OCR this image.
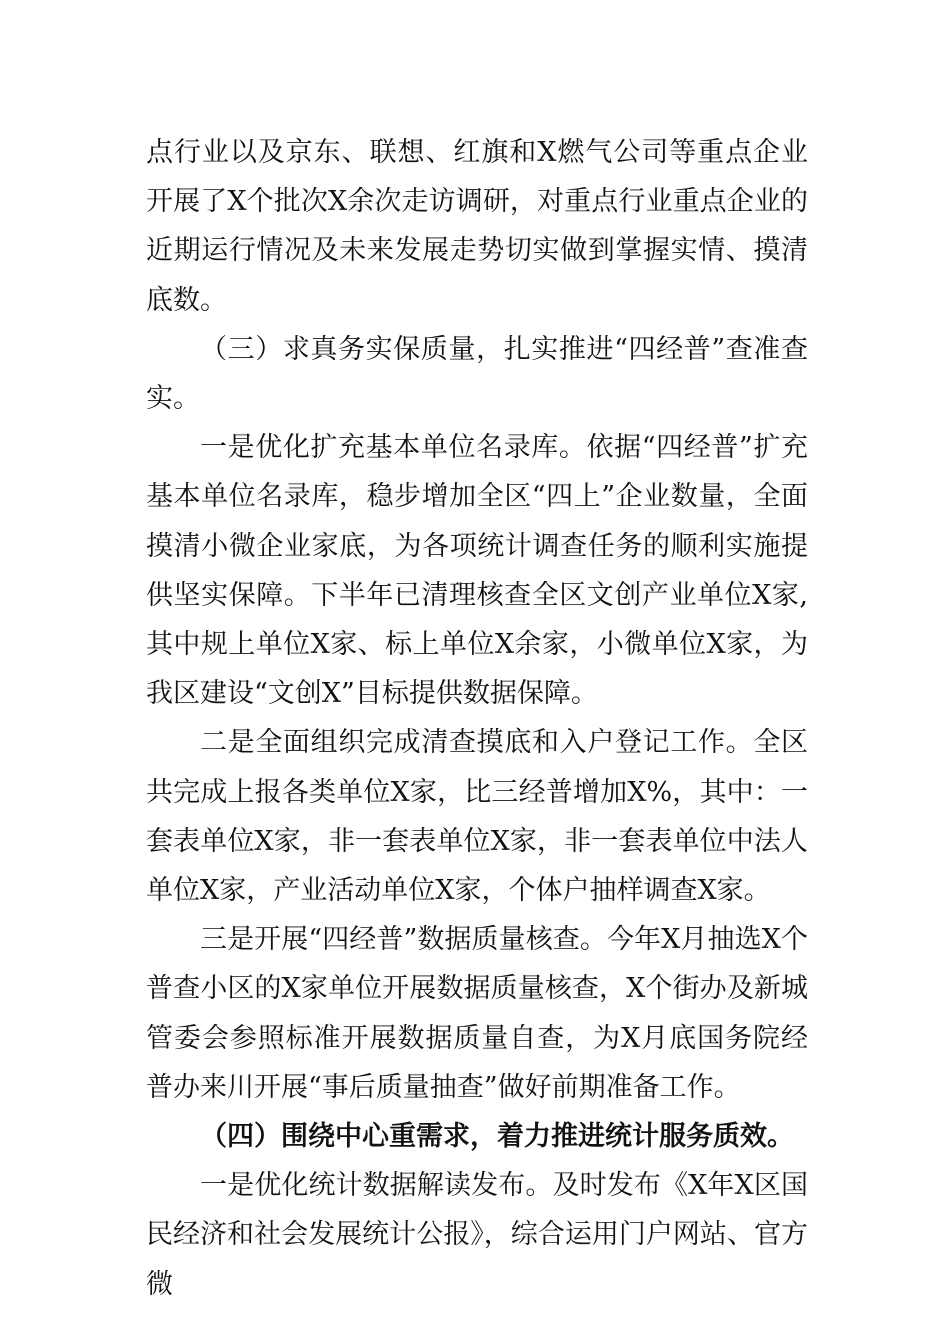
点行业以及京东、联想、红旗和X燃气公司等重点企业开展了X个批次X余次走访调研，对重点行业重点企业的近期运行情况及未来发展走势切实做到掌握实情、摸清底数。

（三）求真务实保质量，扎实推进“四经普”查准查实。

一是优化扩充基本单位名录库。依据“四经普”扩充基本单位名录库，稳步增加全区“四上”企业数量，全面摸清小微企业家底，为各项统计调查任务的顺利实施提供坚实保障。下半年已清理核查全区文创产业单位X家,其中规上单位X家、标上单位X余家，小微单位X家，为我区建设“文创X”目标提供数据保障。

二是全面组织完成清查摸底和入户登记工作。全区共完成上报各类单位X家，比三经普增加X%，其中：一套表单位X家，非一套表单位X家，非一套表单位中法人单位X家，产业活动单位X家，个体户抽样调查X家。

三是开展“四经普”数据质量核查。今年X月抽选X个普查小区的X家单位开展数据质量核查，X个街办及新城管委会参照标准开展数据质量自查，为X月底国务院经普办来川开展“事后质量抽查”做好前期准备工作。

（四）围绕中心重需求，着力推进统计服务质效。

一是优化统计数据解读发布。及时发布《X年X区国民经济和社会发展统计公报》，综合运用门户网站、官方微
